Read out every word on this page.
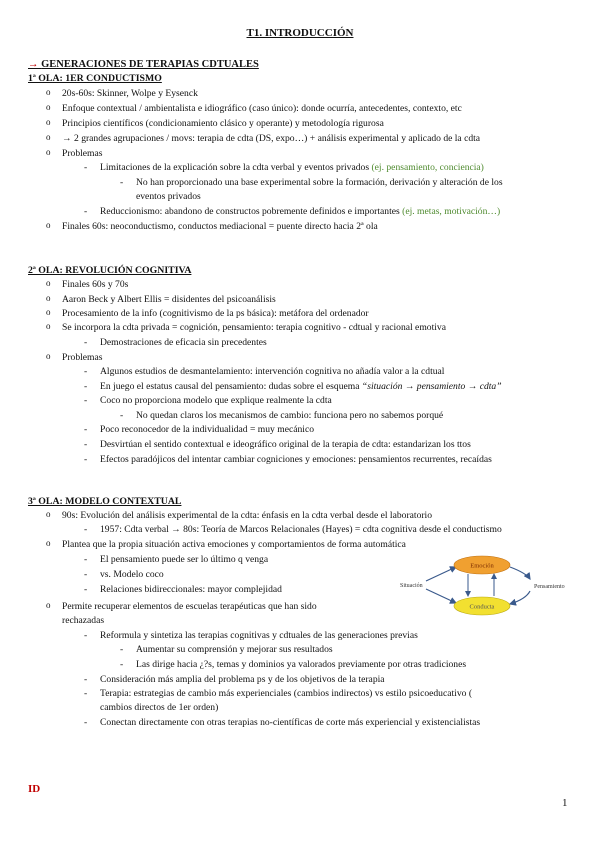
T1. INTRODUCCIÓN
→ GENERACIONES DE TERAPIAS CDTUALES
1ª OLA: 1ER CONDUCTISMO
o 20s-60s: Skinner, Wolpe y Eysenck
o Enfoque contextual / ambientalista e idiográfico (caso único): donde ocurría, antecedentes, contexto, etc
o Principios científicos (condicionamiento clásico y operante) y metodología rigurosa
o → 2 grandes agrupaciones / movs: terapia de cdta (DS, expo…) + análisis experimental y aplicado de la cdta
o Problemas
- Limitaciones de la explicación sobre la cdta verbal y eventos privados (ej. pensamiento, conciencia)
- No han proporcionado una base experimental sobre la formación, derivación y alteración de los
eventos privados
- Reduccionismo: abandono de constructos pobremente definidos e importantes (ej. metas, motivación…)
o Finales 60s: neoconductismo, conductos mediacional = puente directo hacia 2ª ola
2ª OLA: REVOLUCIÓN COGNITIVA
o Finales 60s y 70s
o Aaron Beck y Albert Ellis = disidentes del psicoanálisis
o Procesamiento de la info (cognitivismo de la ps básica): metáfora del ordenador
o Se incorpora la cdta privada = cognición, pensamiento: terapia cognitivo - cdtual y racional emotiva
- Demostraciones de eficacia sin precedentes
o Problemas
- Algunos estudios de desmantelamiento: intervención cognitiva no añadía valor a la cdtual
- En juego el estatus causal del pensamiento: dudas sobre el esquema “situación → pensamiento → cdta”
- Coco no proporciona modelo que explique realmente la cdta
- No quedan claros los mecanismos de cambio: funciona pero no sabemos porqué
- Poco reconocedor de la individualidad = muy mecánico
- Desvirtúan el sentido contextual e ideográfico original de la terapia de cdta: estandarizan los ttos
- Efectos paradójicos del intentar cambiar cogniciones y emociones: pensamientos recurrentes, recaídas
3ª OLA: MODELO CONTEXTUAL
o 90s: Evolución del análisis experimental de la cdta: énfasis en la cdta verbal desde el laboratorio
- 1957: Cdta verbal → 80s: Teoría de Marcos Relacionales (Hayes) = cdta cognitiva desde el conductismo
o Plantea que la propia situación activa emociones y comportamientos de forma automática
- El pensamiento puede ser lo último q venga
- vs. Modelo coco
- Relaciones bidireccionales: mayor complejidad
o Permite recuperar elementos de escuelas terapéuticas que han sido
rechazadas
- Reformula y sintetiza las terapias cognitivas y cdtuales de las generaciones previas
- Aumentar su comprensión y mejorar sus resultados
- Las dirige hacia ¿?s, temas y dominios ya valorados previamente por otras tradiciones
- Consideración más amplia del problema ps y de los objetivos de la terapia
- Terapia: estrategias de cambio más experienciales (cambios indirectos) vs estilo psicoeducativo (
cambios directos de 1er orden)
- Conectan directamente con otras terapias no-científicas de corte más experiencial y existencialistas
Emoción
Conducta
Situación	Pensamiento
ID
1
